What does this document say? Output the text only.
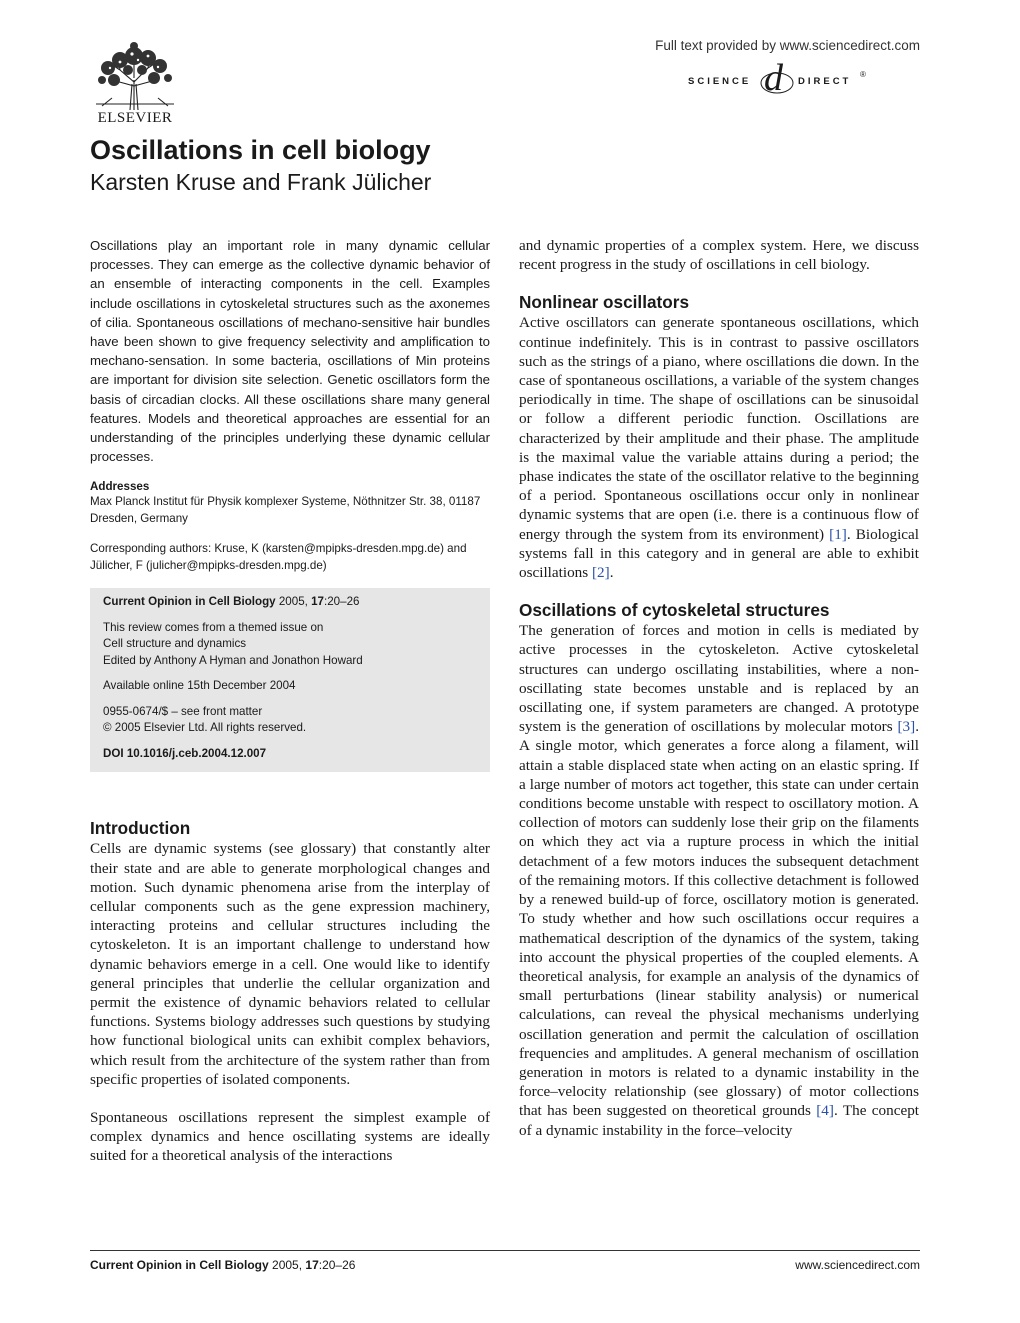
ELSEVIER
Full text provided by www.sciencedirect.com
SCIENCE d DIRECT
®
Oscillations in cell biology
Karsten Kruse and Frank Jülicher

Oscillations play an important role in many dynamic cellular processes. They can emerge as the collective dynamic behavior of an ensemble of interacting components in the cell. Examples include oscillations in cytoskeletal structures such as the axonemes of cilia. Spontaneous oscillations of mechano-sensitive hair bundles have been shown to give frequency selectivity and amplification to mechano-sensation. In some bacteria, oscillations of Min proteins are important for division site selection. Genetic oscillators form the basis of circadian clocks. All these oscillations share many general features. Models and theoretical approaches are essential for an understanding of the principles underlying these dynamic cellular processes.

Addresses

Max Planck Institut für Physik komplexer Systeme, Nöthnitzer Str. 38, 01187 Dresden, Germany

Corresponding authors: Kruse, K (karsten@mpipks-dresden.mpg.de) and Jülicher, F (julicher@mpipks-dresden.mpg.de)

Current Opinion in Cell Biology 2005, 17:20–26
This review comes from a themed issue on
Cell structure and dynamics
Edited by Anthony A Hyman and Jonathon Howard
Available online 15th December 2004
0955-0674/$ – see front matter
© 2005 Elsevier Ltd. All rights reserved.
DOI 10.1016/j.ceb.2004.12.007
Introduction

Cells are dynamic systems (see glossary) that constantly alter their state and are able to generate morphological changes and motion. Such dynamic phenomena arise from the interplay of cellular components such as the gene expression machinery, interacting proteins and cellular structures including the cytoskeleton. It is an important challenge to understand how dynamic behaviors emerge in a cell. One would like to identify general principles that underlie the cellular organization and permit the existence of dynamic behaviors related to cellular functions. Systems biology addresses such questions by studying how functional biological units can exhibit complex behaviors, which result from the architecture of the system rather than from specific properties of isolated components.

Spontaneous oscillations represent the simplest example of complex dynamics and hence oscillating systems are ideally suited for a theoretical analysis of the interactions

and dynamic properties of a complex system. Here, we discuss recent progress in the study of oscillations in cell biology.

Nonlinear oscillators

Active oscillators can generate spontaneous oscillations, which continue indefinitely. This is in contrast to passive oscillators such as the strings of a piano, where oscillations die down. In the case of spontaneous oscillations, a variable of the system changes periodically in time. The shape of oscillations can be sinusoidal or follow a different periodic function. Oscillations are characterized by their amplitude and their phase. The amplitude is the maximal value the variable attains during a period; the phase indicates the state of the oscillator relative to the beginning of a period. Spontaneous oscillations occur only in nonlinear dynamic systems that are open (i.e. there is a continuous flow of energy through the system from its environment) [1]. Biological systems fall in this category and in general are able to exhibit oscillations [2].

Oscillations of cytoskeletal structures

The generation of forces and motion in cells is mediated by active processes in the cytoskeleton. Active cytoskeletal structures can undergo oscillating instabilities, where a non-oscillating state becomes unstable and is replaced by an oscillating one, if system parameters are changed. A prototype system is the generation of oscillations by molecular motors [3]. A single motor, which generates a force along a filament, will attain a stable displaced state when acting on an elastic spring. If a large number of motors act together, this state can under certain conditions become unstable with respect to oscillatory motion. A collection of motors can suddenly lose their grip on the filaments on which they act via a rupture process in which the initial detachment of a few motors induces the subsequent detachment of the remaining motors. If this collective detachment is followed by a renewed build-up of force, oscillatory motion is generated. To study whether and how such oscillations occur requires a mathematical description of the dynamics of the system, taking into account the physical properties of the coupled elements. A theoretical analysis, for example an analysis of the dynamics of small perturbations (linear stability analysis) or numerical calculations, can reveal the physical mechanisms underlying oscillation generation and permit the calculation of oscillation frequencies and amplitudes. A general mechanism of oscillation generation in motors is related to a dynamic instability in the force–velocity relationship (see glossary) of motor collections that has been suggested on theoretical grounds [4]. The concept of a dynamic instability in the force–velocity

Current Opinion in Cell Biology 2005, 17:20–26	www.sciencedirect.com
